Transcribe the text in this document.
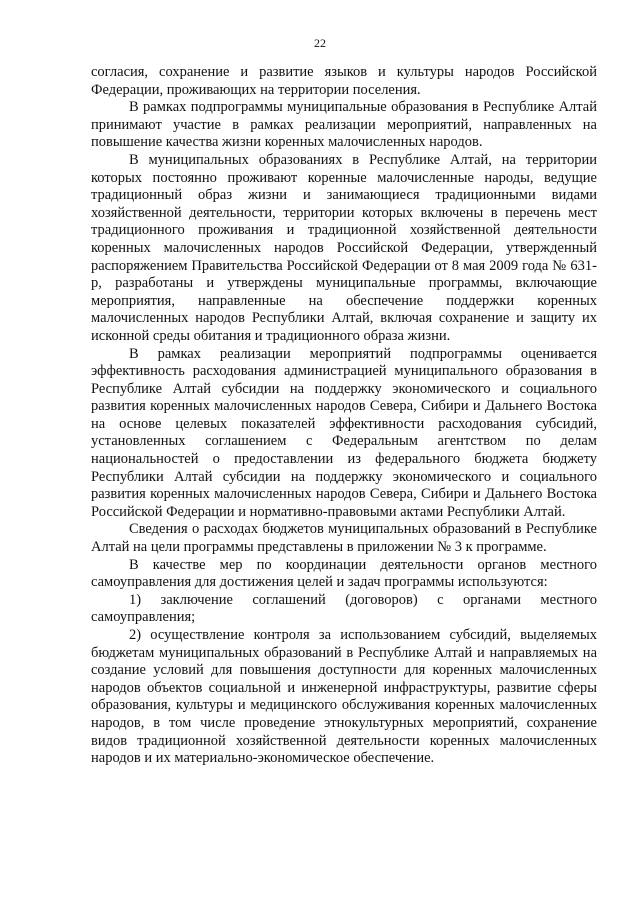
22

согласия, сохранение и развитие языков и культуры народов Российской Федерации, проживающих на территории поселения.

В рамках подпрограммы муниципальные образования в Республике Алтай принимают участие в рамках реализации мероприятий, направленных на повышение качества жизни коренных малочисленных народов.

В муниципальных образованиях в Республике Алтай, на территории которых постоянно проживают коренные малочисленные народы, ведущие традиционный образ жизни и занимающиеся традиционными видами хозяйственной деятельности, территории которых включены в перечень мест традиционного проживания и традиционной хозяйственной деятельности коренных малочисленных народов Российской Федерации, утвержденный распоряжением Правительства Российской Федерации от 8 мая 2009 года № 631-р, разработаны и утверждены муниципальные программы, включающие мероприятия, направленные на обеспечение поддержки коренных малочисленных народов Республики Алтай, включая сохранение и защиту их исконной среды обитания и традиционного образа жизни.

В рамках реализации мероприятий подпрограммы оценивается эффективность расходования администрацией муниципального образования в Республике Алтай субсидии на поддержку экономического и социального развития коренных малочисленных народов Севера, Сибири и Дальнего Востока на основе целевых показателей эффективности расходования субсидий, установленных соглашением с Федеральным агентством по делам национальностей о предоставлении из федерального бюджета бюджету Республики Алтай субсидии на поддержку экономического и социального развития коренных малочисленных народов Севера, Сибири и Дальнего Востока Российской Федерации и нормативно-правовыми актами Республики Алтай.

Сведения о расходах бюджетов муниципальных образований в Республике Алтай на цели программы представлены в приложении № 3 к программе.

В качестве мер по координации деятельности органов местного самоуправления для достижения целей и задач программы используются:

1) заключение соглашений (договоров) с органами местного самоуправления;

2) осуществление контроля за использованием субсидий, выделяемых бюджетам муниципальных образований в Республике Алтай и направляемых на создание условий для повышения доступности для коренных малочисленных народов объектов социальной и инженерной инфраструктуры, развитие сферы образования, культуры и медицинского обслуживания коренных малочисленных народов, в том числе проведение этнокультурных мероприятий, сохранение видов традиционной хозяйственной деятельности коренных малочисленных народов и их материально-экономическое обеспечение.
